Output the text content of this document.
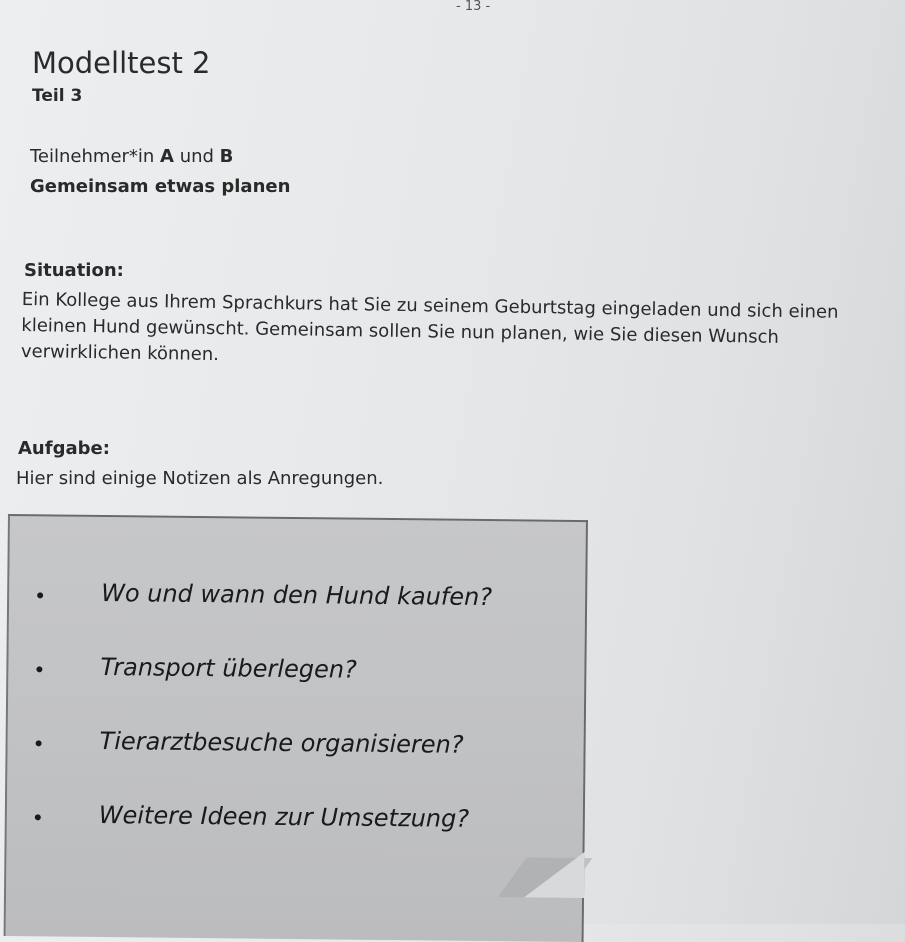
- 13 -
Modelltest 2
Teil 3
Teilnehmer*in A und B
Gemeinsam etwas planen
Situation:
Ein Kollege aus Ihrem Sprachkurs hat Sie zu seinem Geburtstag eingeladen und sich einen kleinen Hund gewünscht. Gemeinsam sollen Sie nun planen, wie Sie diesen Wunsch verwirklichen können.
Aufgabe:
Hier sind einige Notizen als Anregungen.
Wo und wann den Hund kaufen?
Transport überlegen?
Tierarztbesuche organisieren?
Weitere Ideen zur Umsetzung?
